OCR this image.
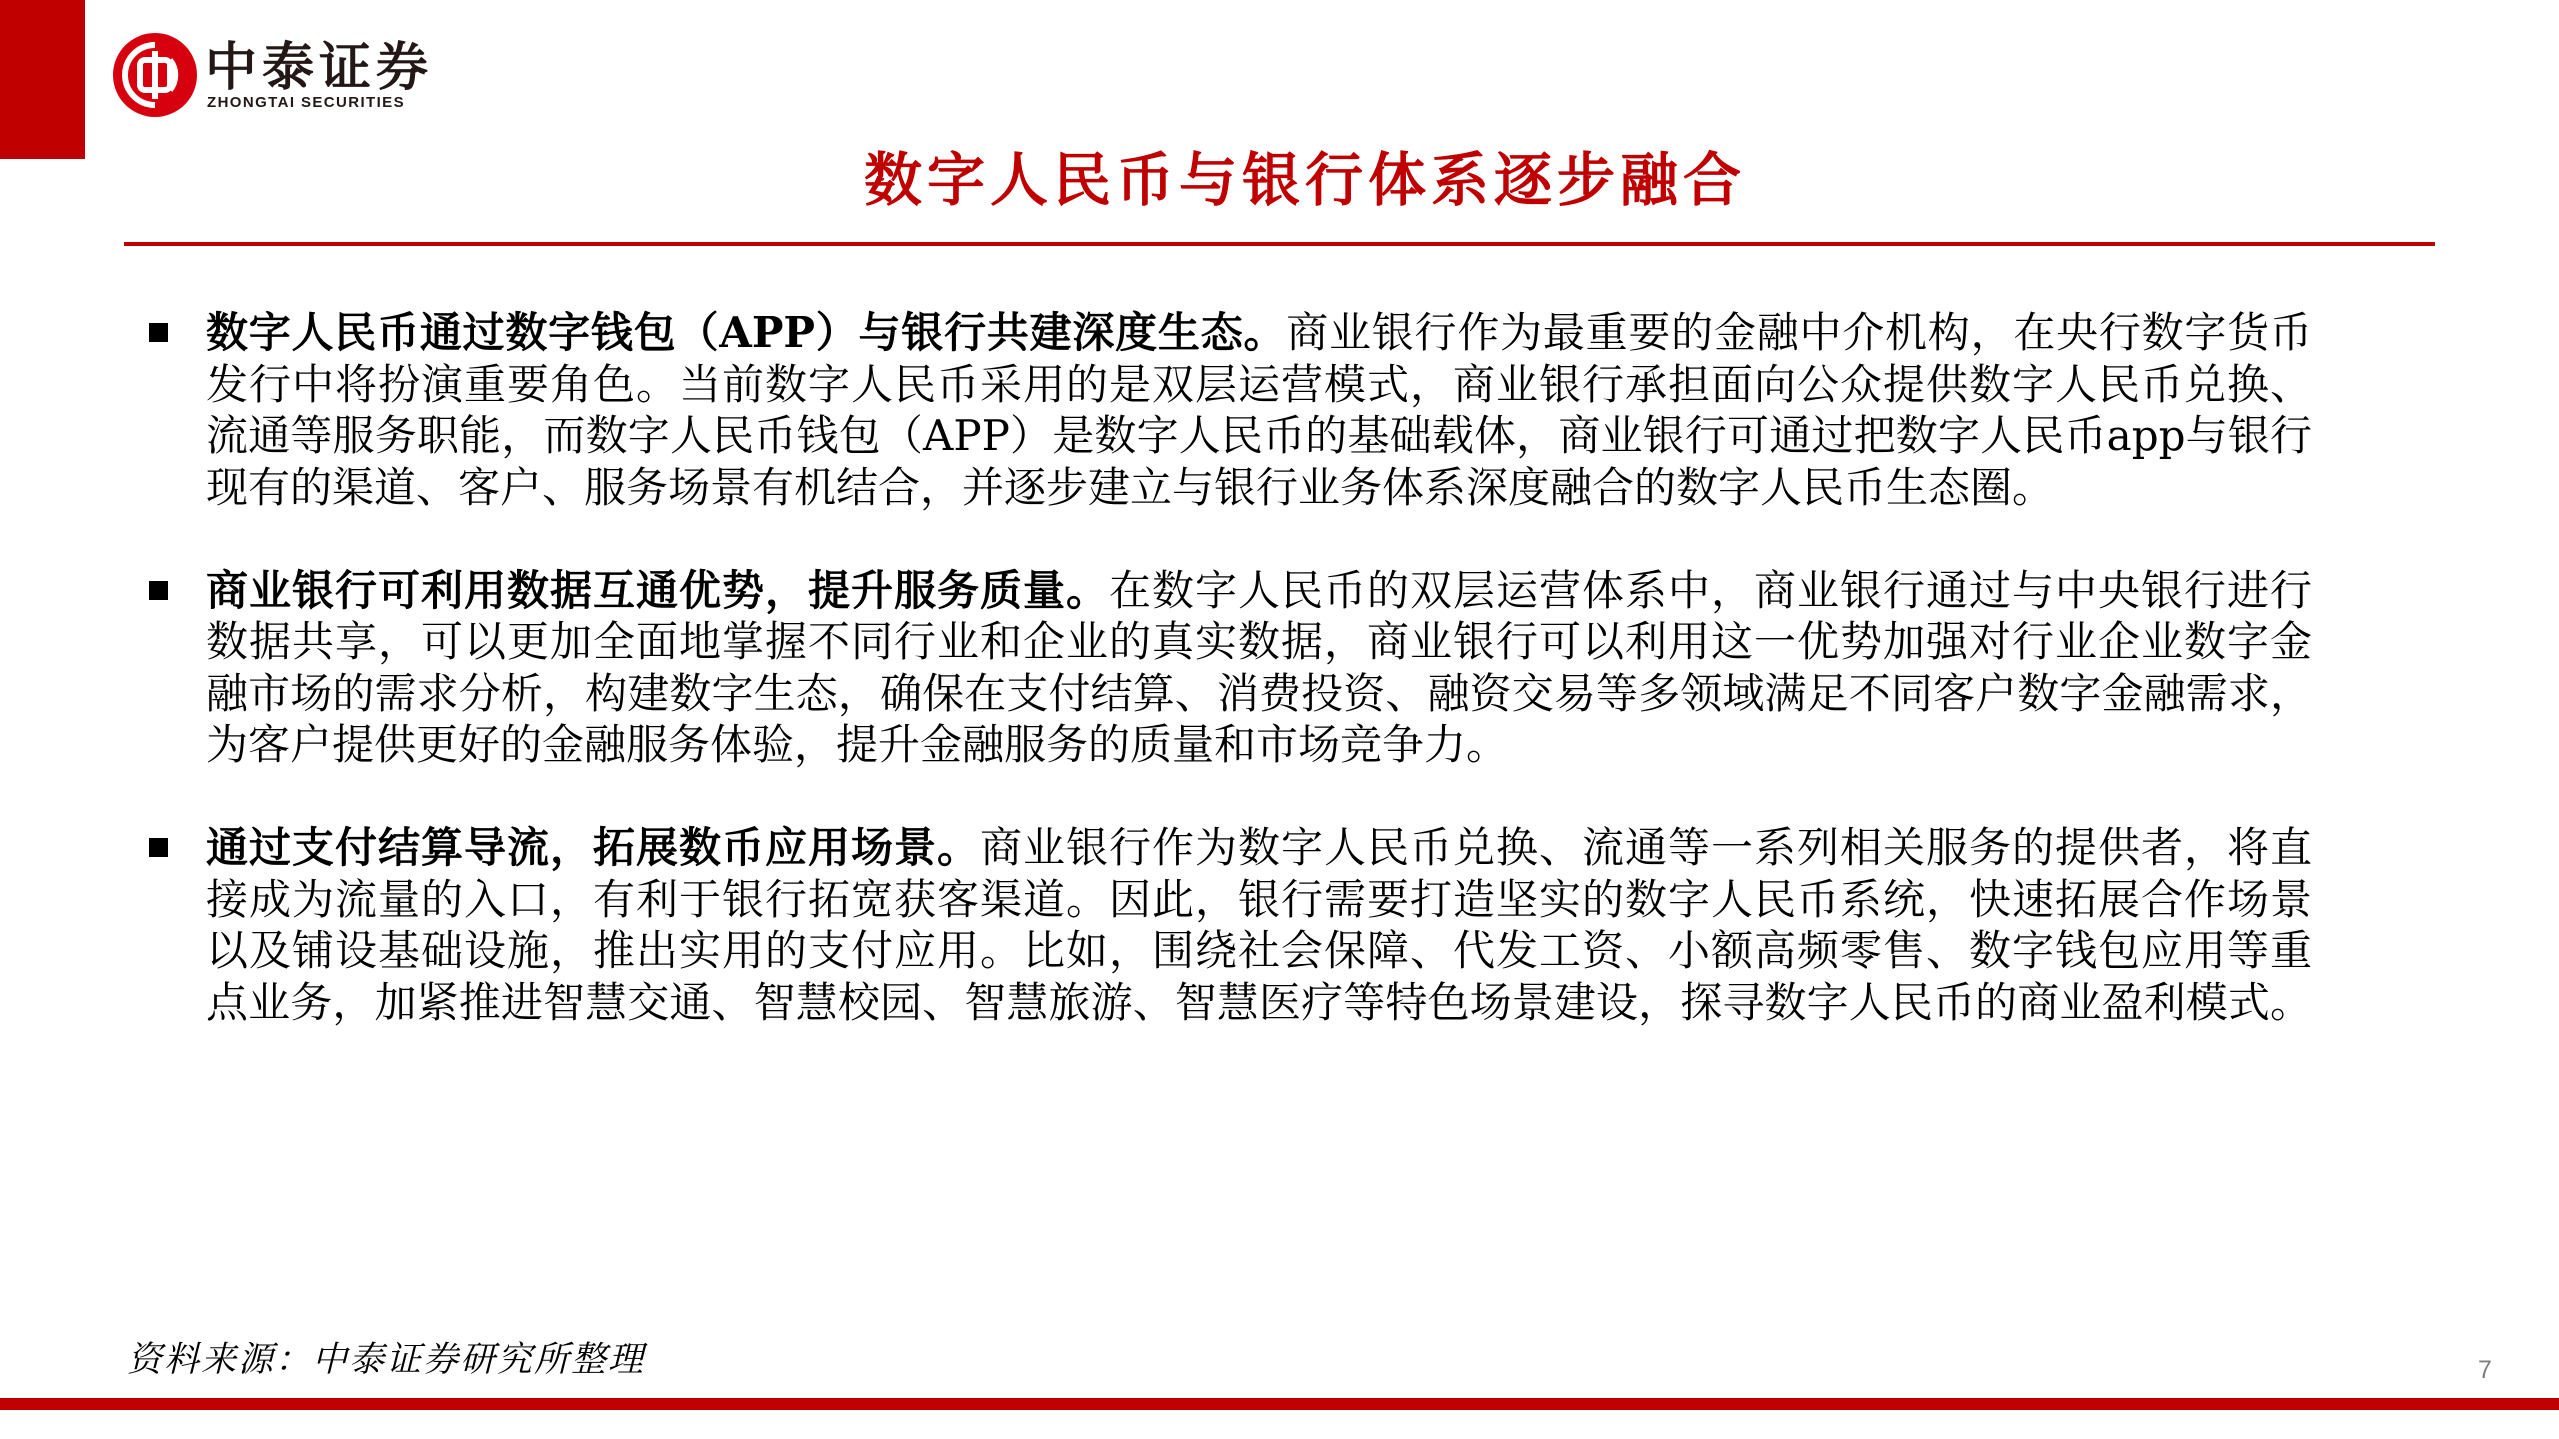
中泰证券
ZHONGTAI SECURITIES
数字人民币与银行体系逐步融合
数字人民币通过数字钱包（APP）与银行共建深度生态。商业银行作为最重要的金融中介机构，在央行数字货币
发行中将扮演重要角色。当前数字人民币采用的是双层运营模式，商业银行承担面向公众提供数字人民币兑换、
流通等服务职能，而数字人民币钱包（APP）是数字人民币的基础载体，商业银行可通过把数字人民币app与银行
现有的渠道、客户、服务场景有机结合，并逐步建立与银行业务体系深度融合的数字人民币生态圈。
商业银行可利用数据互通优势，提升服务质量。在数字人民币的双层运营体系中，商业银行通过与中央银行进行
数据共享，可以更加全面地掌握不同行业和企业的真实数据，商业银行可以利用这一优势加强对行业企业数字金
融市场的需求分析，构建数字生态，确保在支付结算、消费投资、融资交易等多领域满足不同客户数字金融需求，
为客户提供更好的金融服务体验，提升金融服务的质量和市场竞争力。
通过支付结算导流，拓展数币应用场景。商业银行作为数字人民币兑换、流通等一系列相关服务的提供者，将直
接成为流量的入口，有利于银行拓宽获客渠道。因此，银行需要打造坚实的数字人民币系统，快速拓展合作场景
以及铺设基础设施，推出实用的支付应用。比如，围绕社会保障、代发工资、小额高频零售、数字钱包应用等重
点业务，加紧推进智慧交通、智慧校园、智慧旅游、智慧医疗等特色场景建设，探寻数字人民币的商业盈利模式。
资料来源：中泰证券研究所整理	7
